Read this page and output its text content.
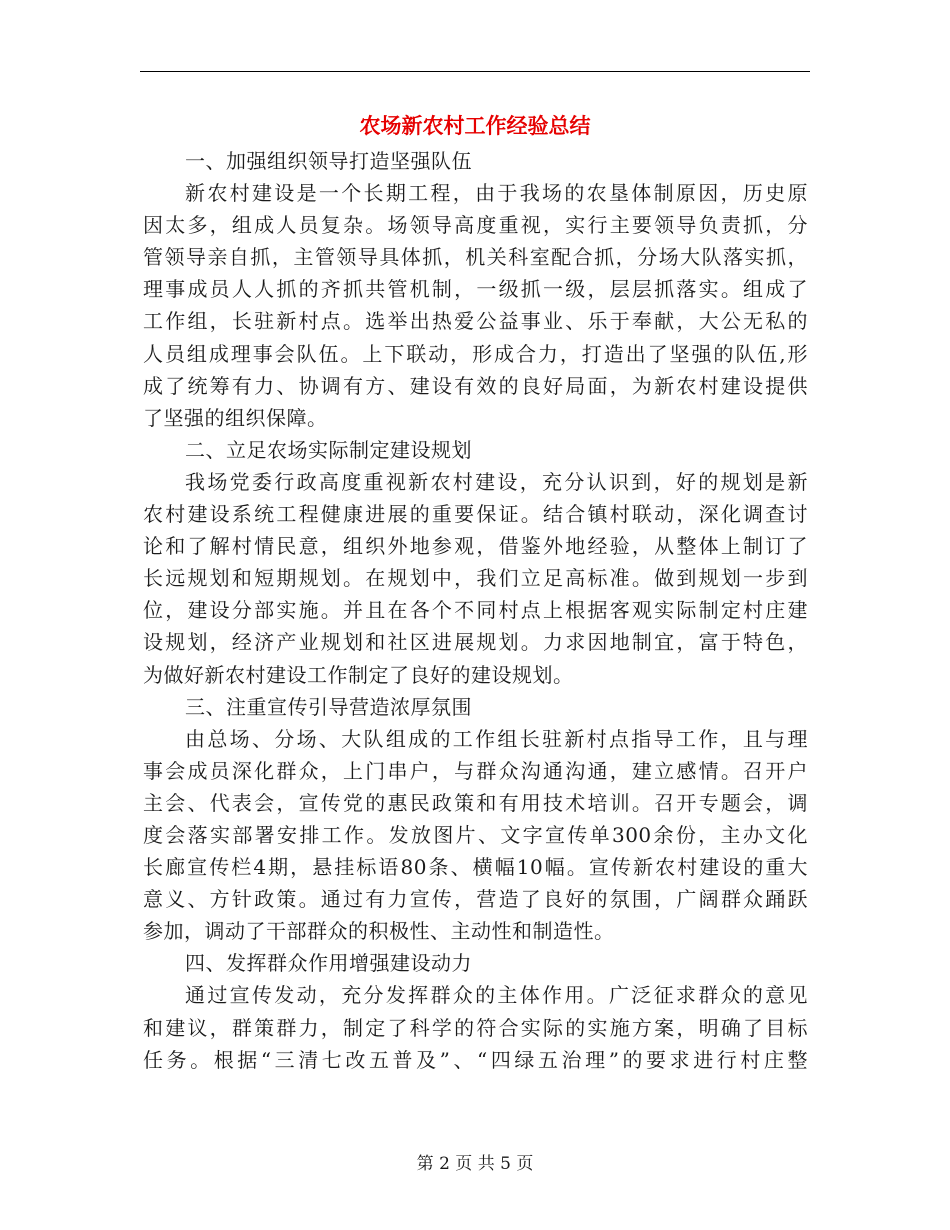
农场新农村工作经验总结
一、加强组织领导打造坚强队伍
新农村建设是一个长期工程，由于我场的农垦体制原因，历史原
因太多，组成人员复杂。场领导高度重视，实行主要领导负责抓，分
管领导亲自抓，主管领导具体抓，机关科室配合抓，分场大队落实抓，
理事成员人人抓的齐抓共管机制，一级抓一级，层层抓落实。组成了
工作组，长驻新村点。选举出热爱公益事业、乐于奉献，大公无私的
人员组成理事会队伍。上下联动，形成合力，打造出了坚强的队伍,形
成了统筹有力、协调有方、建设有效的良好局面，为新农村建设提供
了坚强的组织保障。
二、立足农场实际制定建设规划
我场党委行政高度重视新农村建设，充分认识到，好的规划是新
农村建设系统工程健康进展的重要保证。结合镇村联动，深化调查讨
论和了解村情民意，组织外地参观，借鉴外地经验，从整体上制订了
长远规划和短期规划。在规划中，我们立足高标准。做到规划一步到
位，建设分部实施。并且在各个不同村点上根据客观实际制定村庄建
设规划，经济产业规划和社区进展规划。力求因地制宜，富于特色，
为做好新农村建设工作制定了良好的建设规划。
三、注重宣传引导营造浓厚氛围
由总场、分场、大队组成的工作组长驻新村点指导工作，且与理
事会成员深化群众，上门串户，与群众沟通沟通，建立感情。召开户
主会、代表会，宣传党的惠民政策和有用技术培训。召开专题会，调
度会落实部署安排工作。发放图片、文字宣传单300余份，主办文化
长廊宣传栏4期，悬挂标语80条、横幅10幅。宣传新农村建设的重大
意义、方针政策。通过有力宣传，营造了良好的氛围，广阔群众踊跃
参加，调动了干部群众的积极性、主动性和制造性。
四、发挥群众作用增强建设动力
通过宣传发动，充分发挥群众的主体作用。广泛征求群众的意见
和建议，群策群力，制定了科学的符合实际的实施方案，明确了目标
任务。根据“三清七改五普及”、“四绿五治理”的要求进行村庄整
第 2 页 共 5 页
